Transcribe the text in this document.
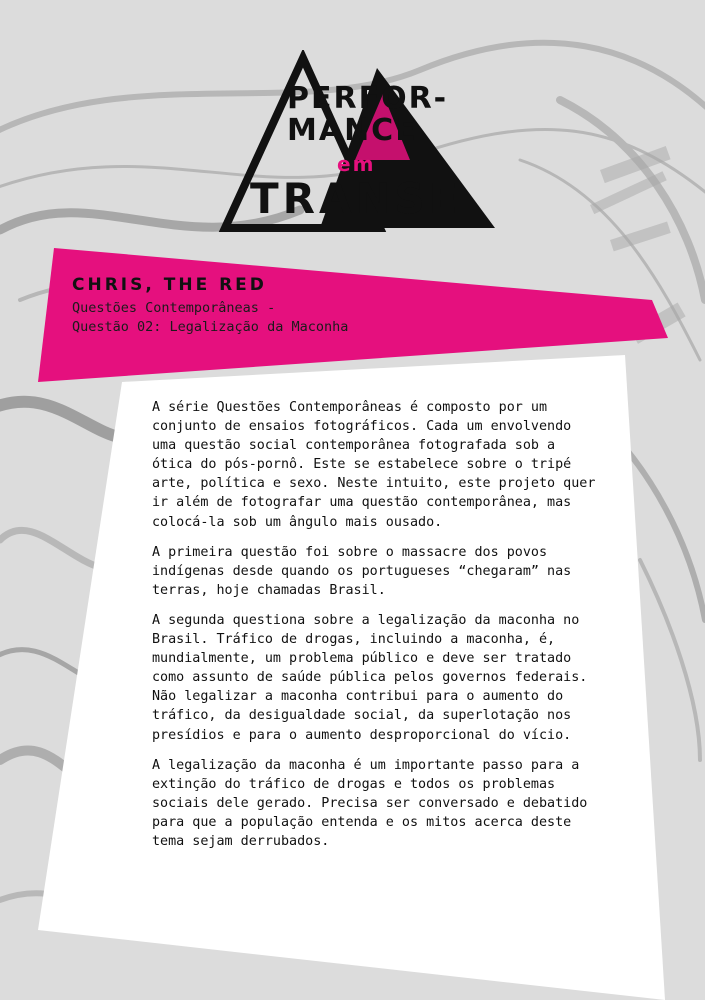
PERFOR-
MANCE
em
TRANSE
CHRIS, THE RED

Questões Contemporâneas -

Questão 02: Legalização da Maconha

A série Questões Contemporâneas é composto por um conjunto de ensaios fotográficos. Cada um envolvendo uma questão social contemporânea fotografada sob a ótica do pós-pornô. Este se estabelece sobre o tripé arte, política e sexo. Neste intuito, este projeto quer ir além de fotografar uma questão contemporânea, mas colocá-la sob um ângulo mais ousado.

A primeira questão foi sobre o massacre dos povos indígenas desde quando os portugueses “chegaram” nas terras, hoje chamadas Brasil.

A segunda questiona sobre a legalização da maconha no Brasil. Tráfico de drogas, incluindo a maconha, é, mundialmente, um problema público e deve ser tratado como assunto de saúde pública pelos governos federais. Não legalizar a maconha contribui para o aumento do tráfico, da desigualdade social, da superlotação nos presídios e para o aumento desproporcional do vício.

A legalização da maconha é um importante passo para a extinção do tráfico de drogas e todos os problemas sociais dele gerado. Precisa ser conversado e debatido para que a população entenda e os mitos acerca deste tema sejam derrubados.
